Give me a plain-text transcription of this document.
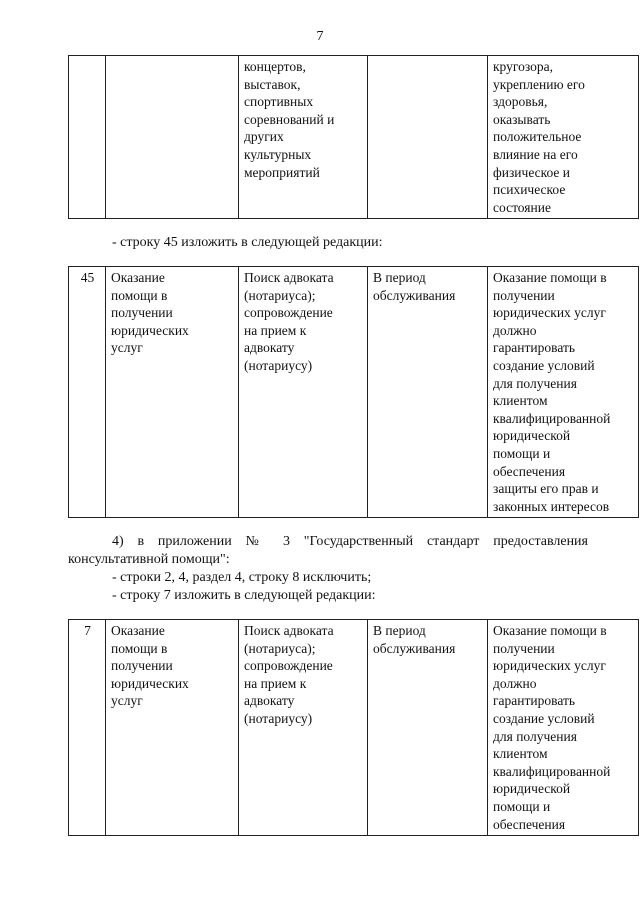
7
		концертов,
выставок,
спортивных
соревнований и
других
культурных
мероприятий		кругозора,
укреплению его
здоровья,
оказывать
положительное
влияние на его
физическое и
психическое
состояние
- строку 45 изложить в следующей редакции:
45	Оказание
помощи в
получении
юридических
услуг	Поиск адвоката
(нотариуса);
сопровождение
на прием к
адвокату
(нотариусу)	В период
обслуживания	Оказание помощи в
получении
юридических услуг
должно
гарантировать
создание условий
для получения
клиентом
квалифицированной
юридической
помощи и
обеспечения
защиты его прав и
законных интересов
4) в приложении № 3 "Государственный стандарт предоставления консультативной помощи":
- строки 2, 4, раздел 4, строку 8 исключить;
- строку 7 изложить в следующей редакции:
7	Оказание
помощи в
получении
юридических
услуг	Поиск адвоката
(нотариуса);
сопровождение
на прием к
адвокату
(нотариусу)	В период
обслуживания	Оказание помощи в
получении
юридических услуг
должно
гарантировать
создание условий
для получения
клиентом
квалифицированной
юридической
помощи и
обеспечения
